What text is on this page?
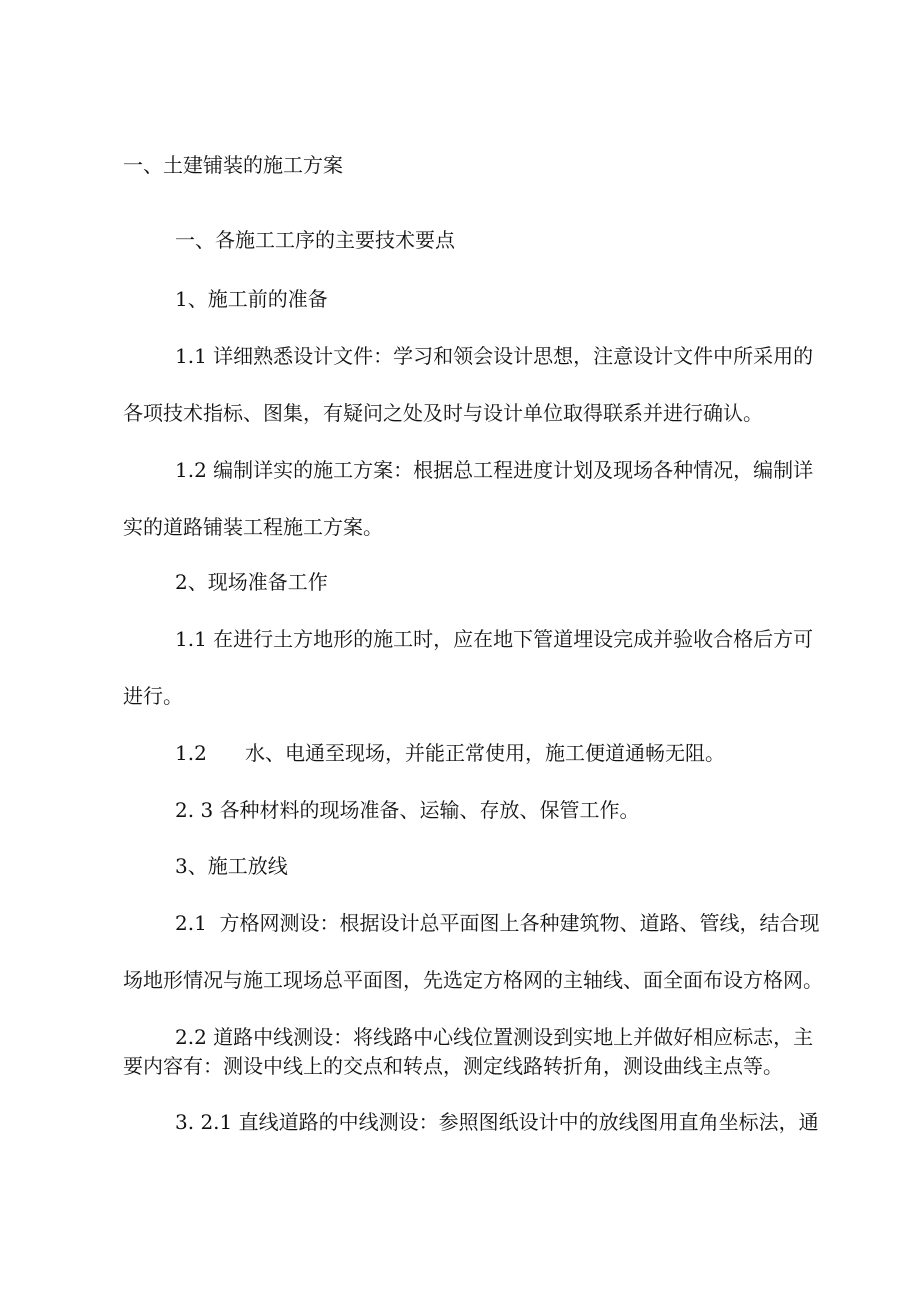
一、土建铺装的施工方案
一、各施工工序的主要技术要点
1、施工前的准备
1.1 详细熟悉设计文件：学习和领会设计思想，注意设计文件中所采用的
各项技术指标、图集，有疑问之处及时与设计单位取得联系并进行确认。
1.2 编制详实的施工方案：根据总工程进度计划及现场各种情况，编制详
实的道路铺装工程施工方案。
2、现场准备工作
1.1 在进行土方地形的施工时，应在地下管道埋设完成并验收合格后方可
进行。
1.2      水、电通至现场，并能正常使用，施工便道通畅无阻。
2. 3 各种材料的现场准备、运输、存放、保管工作。
3、施工放线
2.1  方格网测设：根据设计总平面图上各种建筑物、道路、管线，结合现
场地形情况与施工现场总平面图，先选定方格网的主轴线、面全面布设方格网。
2.2 道路中线测设：将线路中心线位置测设到实地上并做好相应标志，主
要内容有：测设中线上的交点和转点，测定线路转折角，测设曲线主点等。
3. 2.1 直线道路的中线测设：参照图纸设计中的放线图用直角坐标法，通
